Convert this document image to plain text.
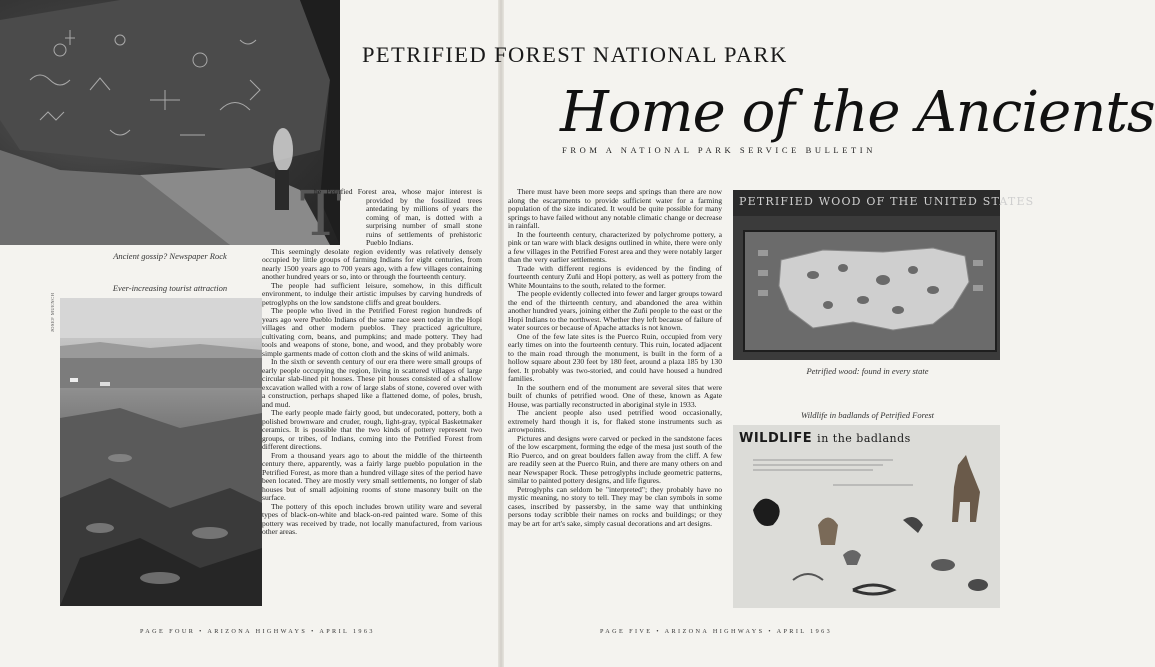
Ancient gossip? Newspaper Rock
Ever-increasing tourist attraction
JOSEF MUENCH
PETRIFIED FOREST NATIONAL PARK
Home of the Ancients
FROM A NATIONAL PARK SERVICE BULLETIN
T

he Petrified Forest area, whose major interest is provided by the fossilized trees antedating by millions of years the coming of man, is dotted with a surprising number of small stone ruins of settlements of prehistoric Pueblo Indians.

This seemingly desolate region evidently was relatively densely occupied by little groups of farming Indians for eight centuries, from nearly 1500 years ago to 700 years ago, with a few villages containing another hundred years or so, into or through the fourteenth century.

The people had sufficient leisure, somehow, in this difficult environment, to indulge their artistic impulses by carving hundreds of petroglyphs on the low sandstone cliffs and great boulders.

The people who lived in the Petrified Forest region hundreds of years ago were Pueblo Indians of the same race seen today in the Hopi villages and other modern pueblos. They practiced agriculture, cultivating corn, beans, and pumpkins; and made pottery. They had tools and weapons of stone, bone, and wood, and they probably wore simple garments made of cotton cloth and the skins of wild animals.

In the sixth or seventh century of our era there were small groups of early people occupying the region, living in scattered villages of large circular slab-lined pit houses. These pit houses consisted of a shallow excavation walled with a row of large slabs of stone, covered over with a construction, perhaps shaped like a flattened dome, of poles, brush, and mud.

The early people made fairly good, but undecorated, pottery, both a polished brownware and cruder, rough, light-gray, typical Basketmaker ceramics. It is possible that the two kinds of pottery represent two groups, or tribes, of Indians, coming into the Petrified Forest from different directions.

From a thousand years ago to about the middle of the thirteenth century there, apparently, was a fairly large pueblo population in the Petrified Forest, as more than a hundred village sites of the period have been located. They are mostly very small settlements, no longer of slab houses but of small adjoining rooms of stone masonry built on the surface.

The pottery of this epoch includes brown utility ware and several types of black-on-white and black-on-red painted ware. Some of this pottery was received by trade, not locally manufactured, from various other areas.

There must have been more seeps and springs than there are now along the escarpments to provide sufficient water for a farming population of the size indicated. It would be quite possible for many springs to have failed without any notable climatic change or decrease in rainfall.

In the fourteenth century, characterized by polychrome pottery, a pink or tan ware with black designs outlined in white, there were only a few villages in the Petrified Forest area and they were notably larger than the very earlier settlements.

Trade with different regions is evidenced by the finding of fourteenth century Zuñi and Hopi pottery, as well as pottery from the White Mountains to the south, related to the former.

The people evidently collected into fewer and larger groups toward the end of the thirteenth century, and abandoned the area within another hundred years, joining either the Zuñi people to the east or the Hopi Indians to the northwest. Whether they left because of failure of water sources or because of Apache attacks is not known.

One of the few late sites is the Puerco Ruin, occupied from very early times on into the fourteenth century. This ruin, located adjacent to the main road through the monument, is built in the form of a hollow square about 230 feet by 180 feet, around a plaza 185 by 130 feet. It probably was two-storied, and could have housed a hundred families.

In the southern end of the monument are several sites that were built of chunks of petrified wood. One of these, known as Agate House, was partially reconstructed in aboriginal style in 1933.

The ancient people also used petrified wood occasionally, extremely hard though it is, for flaked stone instruments such as arrowpoints.

Pictures and designs were carved or pecked in the sandstone faces of the low escarpment, forming the edge of the mesa just south of the Rio Puerco, and on great boulders fallen away from the cliff. A few are readily seen at the Puerco Ruin, and there are many others on and near Newspaper Rock. These petroglyphs include geometric patterns, similar to painted pottery designs, and life figures.

Petroglyphs can seldom be "interpreted"; they probably have no mystic meaning, no story to tell. They may be clan symbols in some cases, inscribed by passersby, in the same way that unthinking persons today scribble their names on rocks and buildings; or they may be art for art's sake, simply casual decorations and art designs.

PETRIFIED WOOD OF THE UNITED STATES
Petrified wood: found in every state
Wildlife in badlands of Petrified Forest
WILDLIFE in the badlands
PAGE FOUR • ARIZONA HIGHWAYS • APRIL 1963	PAGE FIVE • ARIZONA HIGHWAYS • APRIL 1963
